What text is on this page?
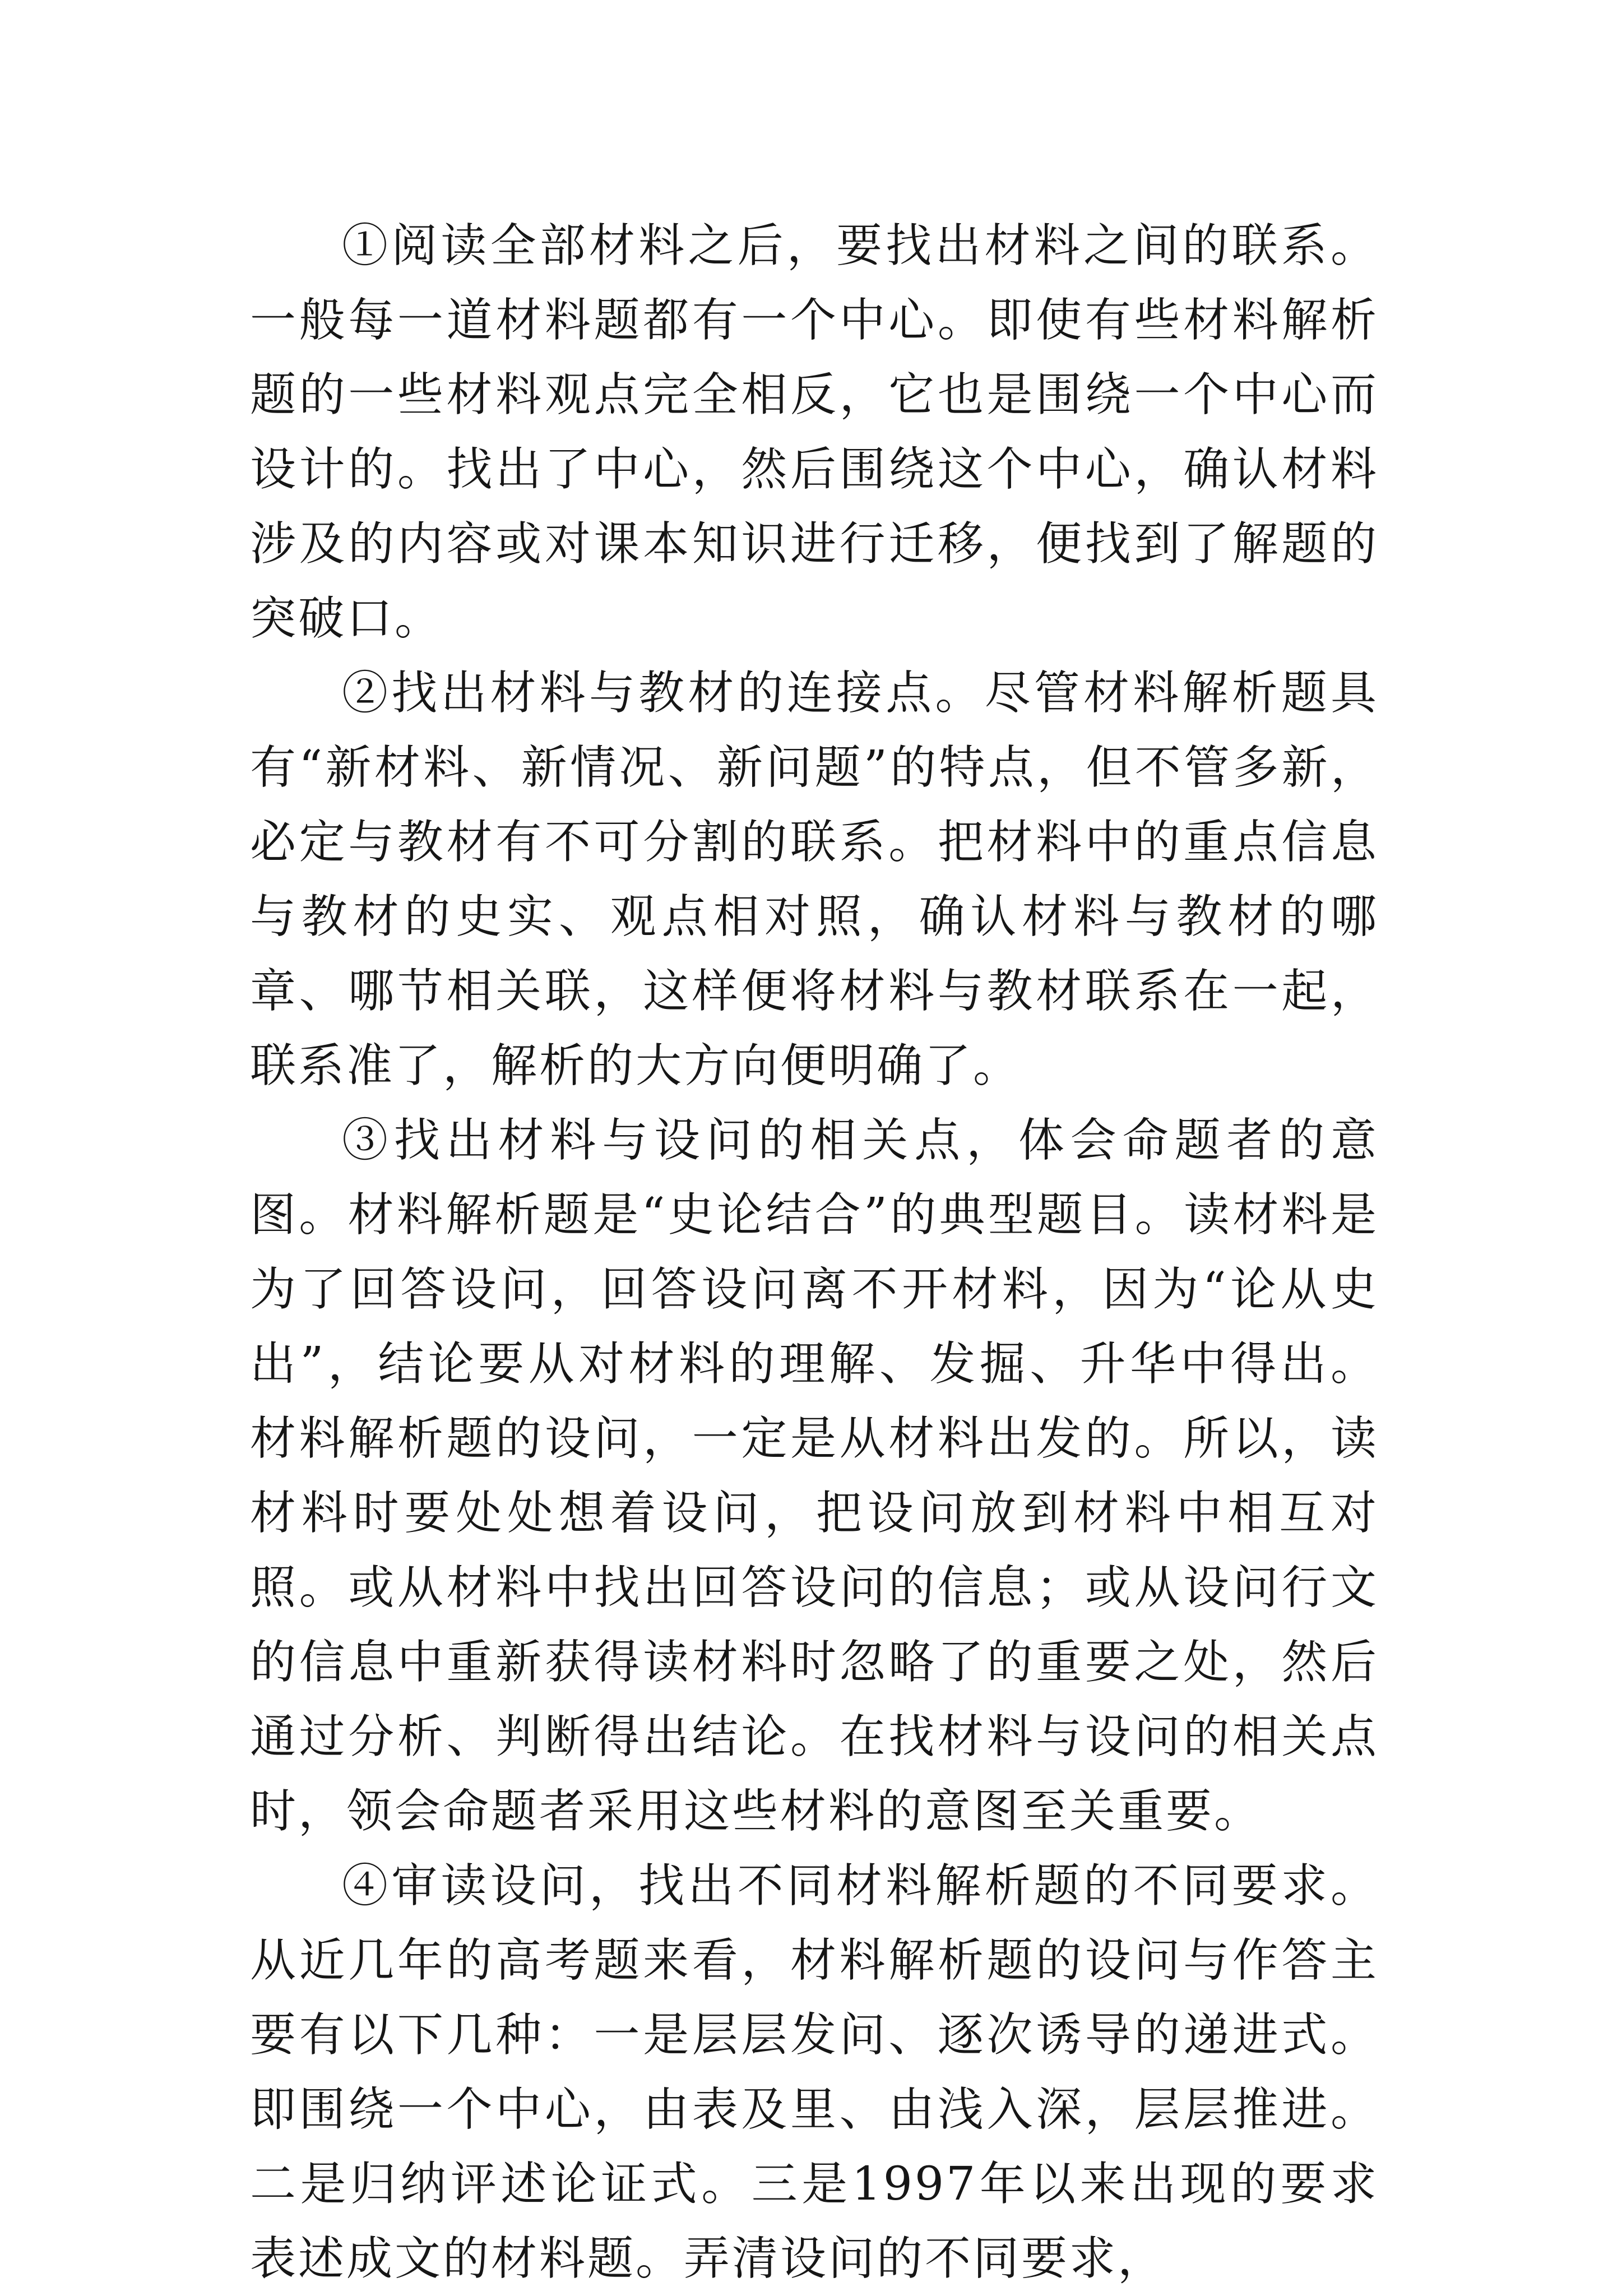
①阅读全部材料之后，要找出材料之间的联系。一般每一道材料题都有一个中心。即使有些材料解析题的一些材料观点完全相反，它也是围绕一个中心而设计的。找出了中心，然后围绕这个中心，确认材料涉及的内容或对课本知识进行迁移，便找到了解题的突破口。

②找出材料与教材的连接点。尽管材料解析题具有“新材料、新情况、新问题”的特点，但不管多新，必定与教材有不可分割的联系。把材料中的重点信息与教材的史实、观点相对照，确认材料与教材的哪章、哪节相关联，这样便将材料与教材联系在一起，联系准了，解析的大方向便明确了。

③找出材料与设问的相关点，体会命题者的意图。材料解析题是“史论结合”的典型题目。读材料是为了回答设问，回答设问离不开材料，因为“论从史出”，结论要从对材料的理解、发掘、升华中得出。材料解析题的设问，一定是从材料出发的。所以，读材料时要处处想着设问，把设问放到材料中相互对照。或从材料中找出回答设问的信息；或从设问行文的信息中重新获得读材料时忽略了的重要之处，然后通过分析、判断得出结论。在找材料与设问的相关点时，领会命题者采用这些材料的意图至关重要。

④审读设问，找出不同材料解析题的不同要求。从近几年的高考题来看，材料解析题的设问与作答主要有以下几种：一是层层发问、逐次诱导的递进式。即围绕一个中心，由表及里、由浅入深，层层推进。二是归纳评述论证式。三是1997年以来出现的要求表述成文的材料题。弄清设问的不同要求，
